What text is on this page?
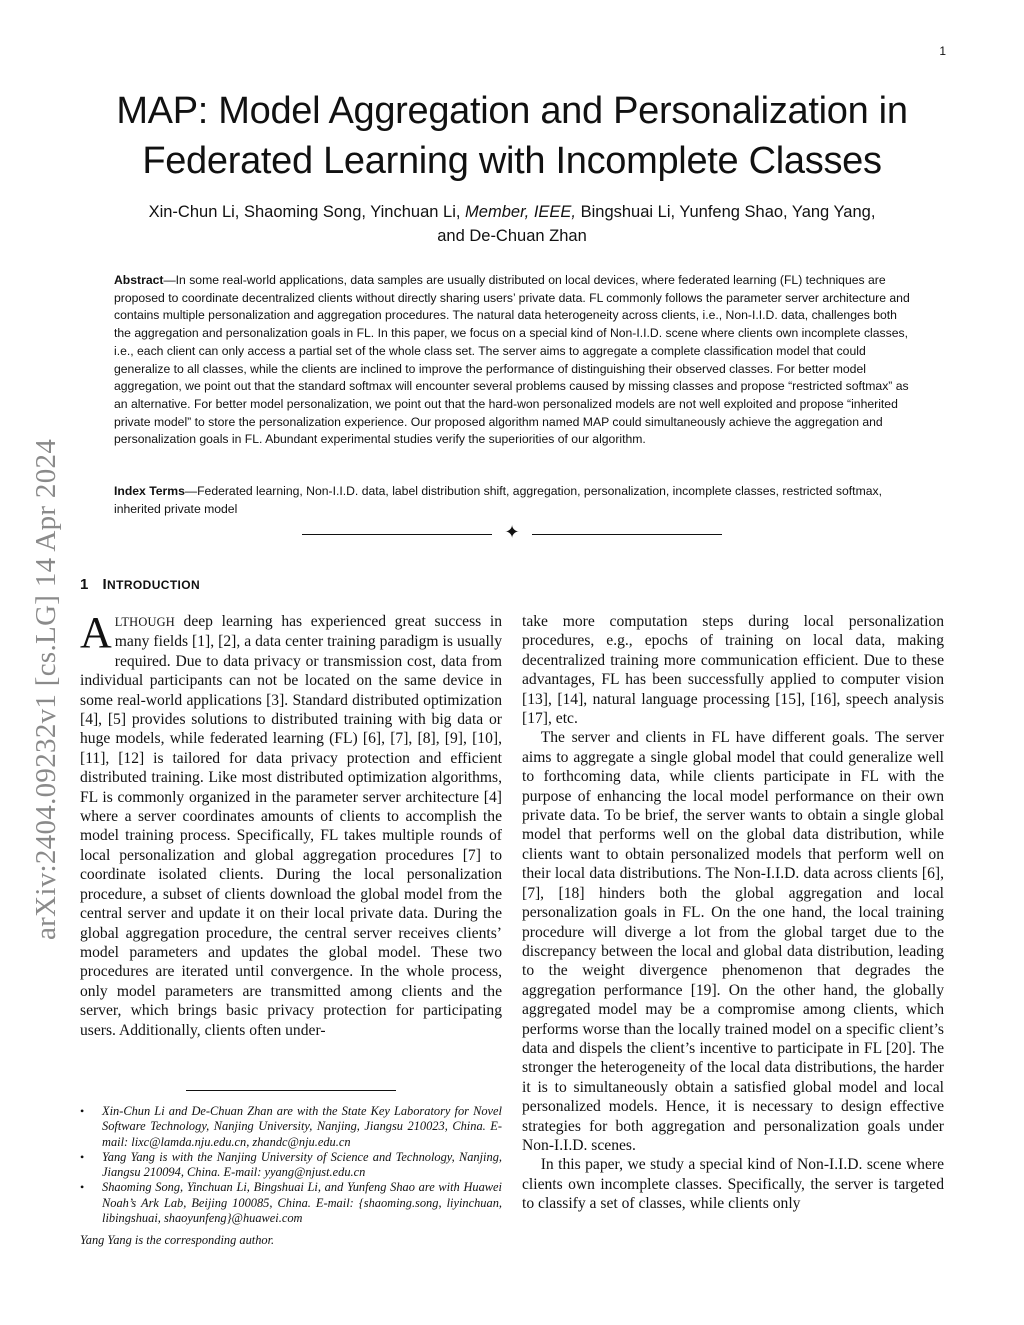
1
MAP: Model Aggregation and Personalization in
Federated Learning with Incomplete Classes
Xin-Chun Li, Shaoming Song, Yinchuan Li, Member, IEEE, Bingshuai Li, Yunfeng Shao, Yang Yang,
and De-Chuan Zhan
Abstract—In some real-world applications, data samples are usually distributed on local devices, where federated learning (FL) techniques are proposed to coordinate decentralized clients without directly sharing users’ private data. FL commonly follows the parameter server architecture and contains multiple personalization and aggregation procedures. The natural data heterogeneity across clients, i.e., Non-I.I.D. data, challenges both the aggregation and personalization goals in FL. In this paper, we focus on a special kind of Non-I.I.D. scene where clients own incomplete classes, i.e., each client can only access a partial set of the whole class set. The server aims to aggregate a complete classification model that could generalize to all classes, while the clients are inclined to improve the performance of distinguishing their observed classes. For better model aggregation, we point out that the standard softmax will encounter several problems caused by missing classes and propose “restricted softmax” as an alternative. For better model personalization, we point out that the hard-won personalized models are not well exploited and propose “inherited private model” to store the personalization experience. Our proposed algorithm named MAP could simultaneously achieve the aggregation and personalization goals in FL. Abundant experimental studies verify the superiorities of our algorithm.
Index Terms—Federated learning, Non-I.I.D. data, label distribution shift, aggregation, personalization, incomplete classes, restricted softmax, inherited private model
✦
arXiv:2404.09232v1 [cs.LG] 14 Apr 2024 1 INTRODUCTION

ALTHOUGH deep learning has experienced great success in many fields [1], [2], a data center training paradigm is usually required. Due to data privacy or transmission cost, data from individual participants can not be located on the same device in some real-world applications [3]. Standard distributed optimization [4], [5] provides solutions to distributed training with big data or huge models, while federated learning (FL) [6], [7], [8], [9], [10], [11], [12] is tailored for data privacy protection and efficient distributed training. Like most distributed optimization algorithms, FL is commonly organized in the parameter server architecture [4] where a server coordinates amounts of clients to accomplish the model training process. Specifically, FL takes multiple rounds of local personalization and global aggregation procedures [7] to coordinate isolated clients. During the local personalization procedure, a subset of clients download the global model from the central server and update it on their local private data. During the global aggregation procedure, the central server receives clients’ model parameters and updates the global model. These two procedures are iterated until convergence. In the whole process, only model parameters are transmitted among clients and the server, which brings basic privacy protection for participating users. Additionally, clients often under-

• Xin-Chun Li and De-Chuan Zhan are with the State Key Laboratory for Novel Software Technology, Nanjing University, Nanjing, Jiangsu 210023, China. E-mail: lixc@lamda.nju.edu.cn, zhandc@nju.edu.cn
• Yang Yang is with the Nanjing University of Science and Technology, Nanjing, Jiangsu 210094, China. E-mail: yyang@njust.edu.cn
• Shaoming Song, Yinchuan Li, Bingshuai Li, and Yunfeng Shao are with Huawei Noah’s Ark Lab, Beijing 100085, China. E-mail: {shaoming.song, liyinchuan, libingshuai, shaoyunfeng}@huawei.com
Yang Yang is the corresponding author.

take more computation steps during local personalization procedures, e.g., epochs of training on local data, making decentralized training more communication efficient. Due to these advantages, FL has been successfully applied to computer vision [13], [14], natural language processing [15], [16], speech analysis [17], etc.

The server and clients in FL have different goals. The server aims to aggregate a single global model that could generalize well to forthcoming data, while clients participate in FL with the purpose of enhancing the local model performance on their own private data. To be brief, the server wants to obtain a single global model that performs well on the global data distribution, while clients want to obtain personalized models that perform well on their local data distributions. The Non-I.I.D. data across clients [6], [7], [18] hinders both the global aggregation and local personalization goals in FL. On the one hand, the local training procedure will diverge a lot from the global target due to the discrepancy between the local and global data distribution, leading to the weight divergence phenomenon that degrades the aggregation performance [19]. On the other hand, the globally aggregated model may be a compromise among clients, which performs worse than the locally trained model on a specific client’s data and dispels the client’s incentive to participate in FL [20]. The stronger the heterogeneity of the local data distributions, the harder it is to simultaneously obtain a satisfied global model and local personalized models. Hence, it is necessary to design effective strategies for both aggregation and personalization goals under Non-I.I.D. scenes.

In this paper, we study a special kind of Non-I.I.D. scene where clients own incomplete classes. Specifically, the server is targeted to classify a set of classes, while clients only
